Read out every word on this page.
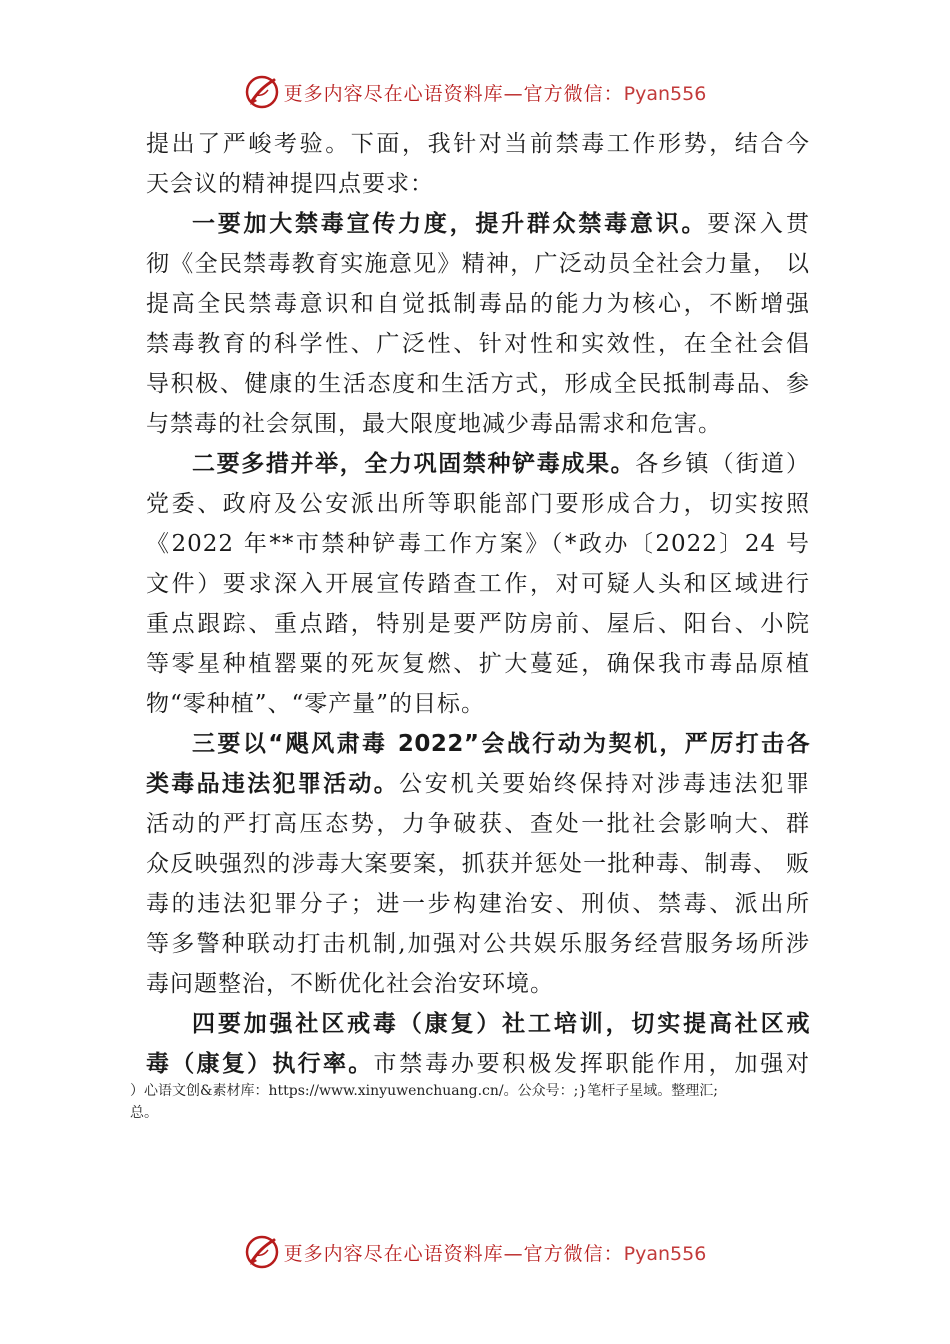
更多内容尽在心语资料库—官方微信：Pyan556
提出了严峻考验。下面，我针对当前禁毒工作形势，结合今
天会议的精神提四点要求：
一要加大禁毒宣传力度，提升群众禁毒意识。要深入贯
彻《全民禁毒教育实施意见》精神，广泛动员全社会力量， 以
提高全民禁毒意识和自觉抵制毒品的能力为核心，不断增强
禁毒教育的科学性、广泛性、针对性和实效性，在全社会倡
导积极、健康的生活态度和生活方式，形成全民抵制毒品、参
与禁毒的社会氛围，最大限度地减少毒品需求和危害。
二要多措并举，全力巩固禁种铲毒成果。各乡镇（街道）
党委、政府及公安派出所等职能部门要形成合力，切实按照
《2022 年**市禁种铲毒工作方案》（*政办〔2022〕24 号
文件）要求深入开展宣传踏查工作，对可疑人头和区域进行
重点跟踪、重点踏，特别是要严防房前、屋后、阳台、小院
等零星种植罂粟的死灰复燃、扩大蔓延，确保我市毒品原植
物“零种植”、“零产量”的目标。
三要以“飓风肃毒 2022”会战行动为契机，严厉打击各
类毒品违法犯罪活动。公安机关要始终保持对涉毒违法犯罪
活动的严打高压态势，力争破获、查处一批社会影响大、群
众反映强烈的涉毒大案要案，抓获并惩处一批种毒、制毒、 贩
毒的违法犯罪分子；进一步构建治安、刑侦、禁毒、派出所
等多警种联动打击机制,加强对公共娱乐服务经营服务场所涉
毒问题整治，不断优化社会治安环境。
四要加强社区戒毒（康复）社工培训，切实提高社区戒
毒（康复）执行率。市禁毒办要积极发挥职能作用，加强对
）心语文创&素材库：https://www.xinyuwenchuang.cn/。公众号：;}笔杆子星域。整理汇;
总。
更多内容尽在心语资料库—官方微信：Pyan556
